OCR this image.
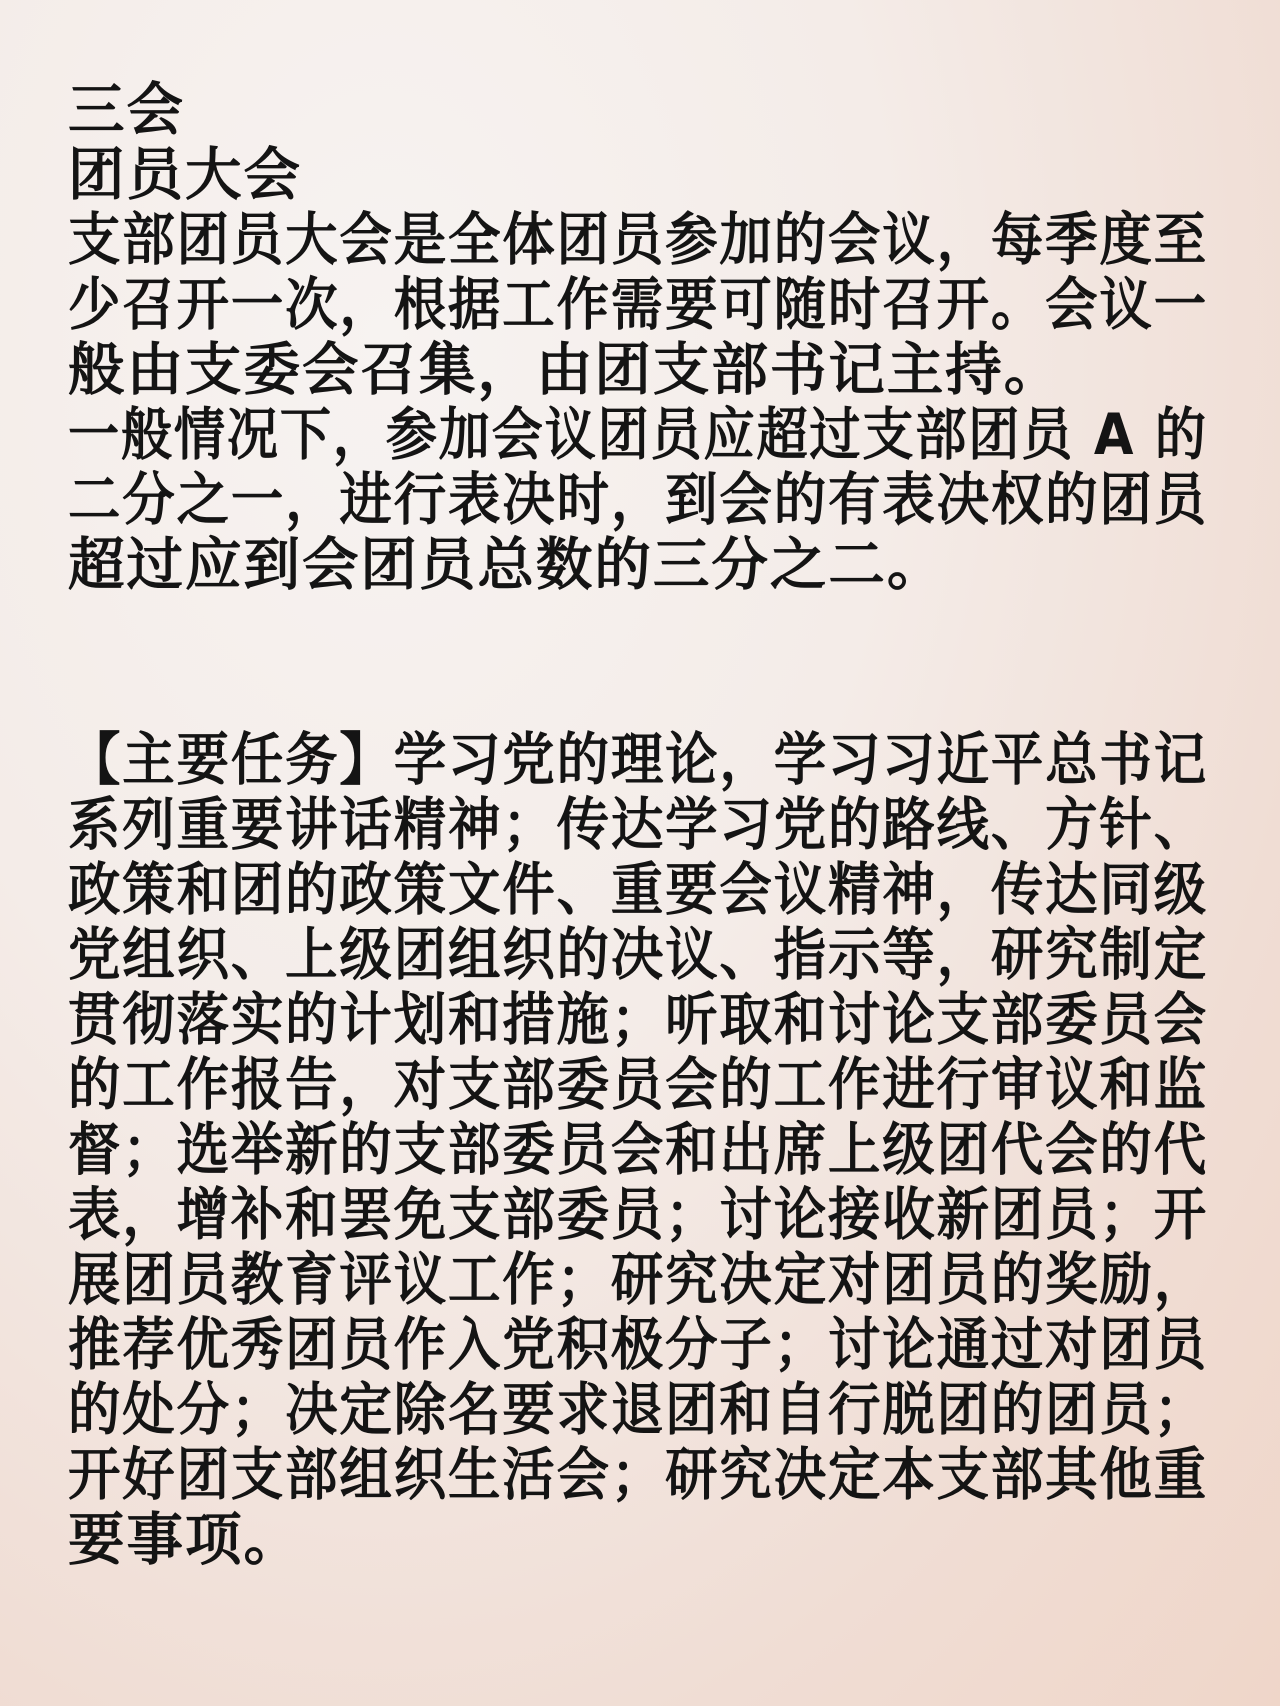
三会
团员大会
支部团员大会是全体团员参加的会议，每季度至
少召开一次，根据工作需要可随时召开。会议一
般由支委会召集，由团支部书记主持。
一般情况下，参加会议团员应超过支部团员 A 的
二分之一，进行表决时，到会的有表决权的团员
超过应到会团员总数的三分之二。
【主要任务】学习党的理论，学习习近平总书记
系列重要讲话精神；传达学习党的路线、方针、
政策和团的政策文件、重要会议精神，传达同级
党组织、上级团组织的决议、指示等，研究制定
贯彻落实的计划和措施；听取和讨论支部委员会
的工作报告，对支部委员会的工作进行审议和监
督；选举新的支部委员会和出席上级团代会的代
表，增补和罢免支部委员；讨论接收新团员；开
展团员教育评议工作；研究决定对团员的奖励，
推荐优秀团员作入党积极分子；讨论通过对团员
的处分；决定除名要求退团和自行脱团的团员；
开好团支部组织生活会；研究决定本支部其他重
要事项。
